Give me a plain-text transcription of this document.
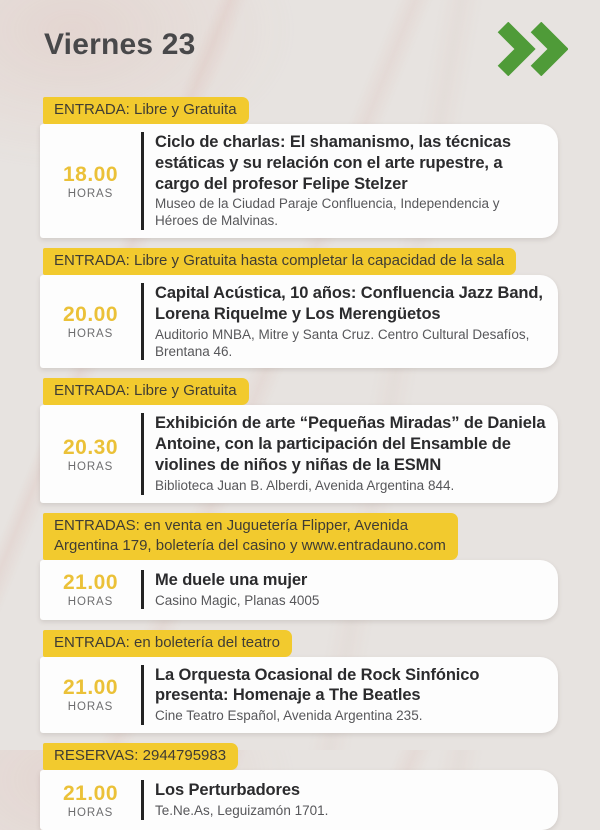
Viernes 23
ENTRADA: Libre y Gratuita
18.00
HORAS
Ciclo de charlas: El shamanismo, las técnicas estáticas y su relación con el arte rupestre, a cargo del profesor Felipe Stelzer
Museo de la Ciudad Paraje Confluencia, Independencia y Héroes de Malvinas.
ENTRADA: Libre y Gratuita hasta completar la capacidad de la sala
20.00
HORAS
Capital Acústica, 10 años: Confluencia Jazz Band, Lorena Riquelme y Los Merengüetos
Auditorio MNBA, Mitre y Santa Cruz. Centro Cultural Desafíos, Brentana 46.
ENTRADA: Libre y Gratuita
20.30
HORAS
Exhibición de arte “Pequeñas Miradas” de Daniela Antoine, con la participación del Ensamble de violines de niños y niñas de la ESMN
Biblioteca Juan B. Alberdi, Avenida Argentina 844.
ENTRADAS: en venta en Juguetería Flipper, Avenida
Argentina 179, boletería del casino y www.entradauno.com
21.00
HORAS
Me duele una mujer
Casino Magic, Planas 4005
ENTRADA: en boletería del teatro
21.00
HORAS
La Orquesta Ocasional de Rock Sinfónico presenta: Homenaje a The Beatles
Cine Teatro Español, Avenida Argentina 235.
RESERVAS: 2944795983
21.00
HORAS
Los Perturbadores
Te.Ne.As, Leguizamón 1701.
